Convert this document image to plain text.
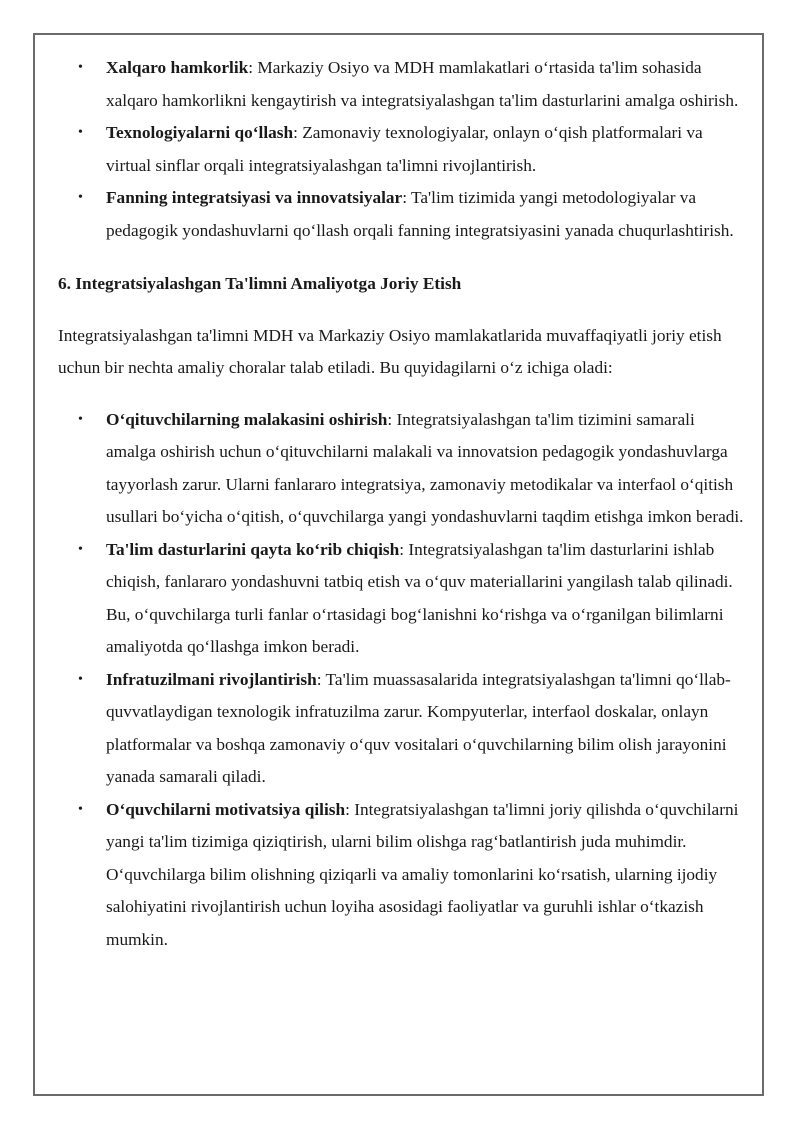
• Xalqaro hamkorlik: Markaziy Osiyo va MDH mamlakatlari o‘rtasida ta'lim sohasida xalqaro hamkorlikni kengaytirish va integratsiyalashgan ta'lim dasturlarini amalga oshirish.
• Texnologiyalarni qo‘llash: Zamonaviy texnologiyalar, onlayn o‘qish platformalari va virtual sinflar orqali integratsiyalashgan ta'limni rivojlantirish.
• Fanning integratsiyasi va innovatsiyalar: Ta'lim tizimida yangi metodologiyalar va pedagogik yondashuvlarni qo‘llash orqali fanning integratsiyasini yanada chuqurlashtirish.
6. Integratsiyalashgan Ta'limni Amaliyotga Joriy Etish

Integratsiyalashgan ta'limni MDH va Markaziy Osiyo mamlakatlarida muvaffaqiyatli joriy etish uchun bir nechta amaliy choralar talab etiladi. Bu quyidagilarni o‘z ichiga oladi:

• O‘qituvchilarning malakasini oshirish: Integratsiyalashgan ta'lim tizimini samarali amalga oshirish uchun o‘qituvchilarni malakali va innovatsion pedagogik yondashuvlarga tayyorlash zarur. Ularni fanlararo integratsiya, zamonaviy metodikalar va interfaol o‘qitish usullari bo‘yicha o‘qitish, o‘quvchilarga yangi yondashuvlarni taqdim etishga imkon beradi.
• Ta'lim dasturlarini qayta ko‘rib chiqish: Integratsiyalashgan ta'lim dasturlarini ishlab chiqish, fanlararo yondashuvni tatbiq etish va o‘quv materiallarini yangilash talab qilinadi. Bu, o‘quvchilarga turli fanlar o‘rtasidagi bog‘lanishni ko‘rishga va o‘rganilgan bilimlarni amaliyotda qo‘llashga imkon beradi.
• Infratuzilmani rivojlantirish: Ta'lim muassasalarida integratsiyalashgan ta'limni qo‘llab-quvvatlaydigan texnologik infratuzilma zarur. Kompyuterlar, interfaol doskalar, onlayn platformalar va boshqa zamonaviy o‘quv vositalari o‘quvchilarning bilim olish jarayonini yanada samarali qiladi.
• O‘quvchilarni motivatsiya qilish: Integratsiyalashgan ta'limni joriy qilishda o‘quvchilarni yangi ta'lim tizimiga qiziqtirish, ularni bilim olishga rag‘batlantirish juda muhimdir. O‘quvchilarga bilim olishning qiziqarli va amaliy tomonlarini ko‘rsatish, ularning ijodiy salohiyatini rivojlantirish uchun loyiha asosidagi faoliyatlar va guruhli ishlar o‘tkazish mumkin.
